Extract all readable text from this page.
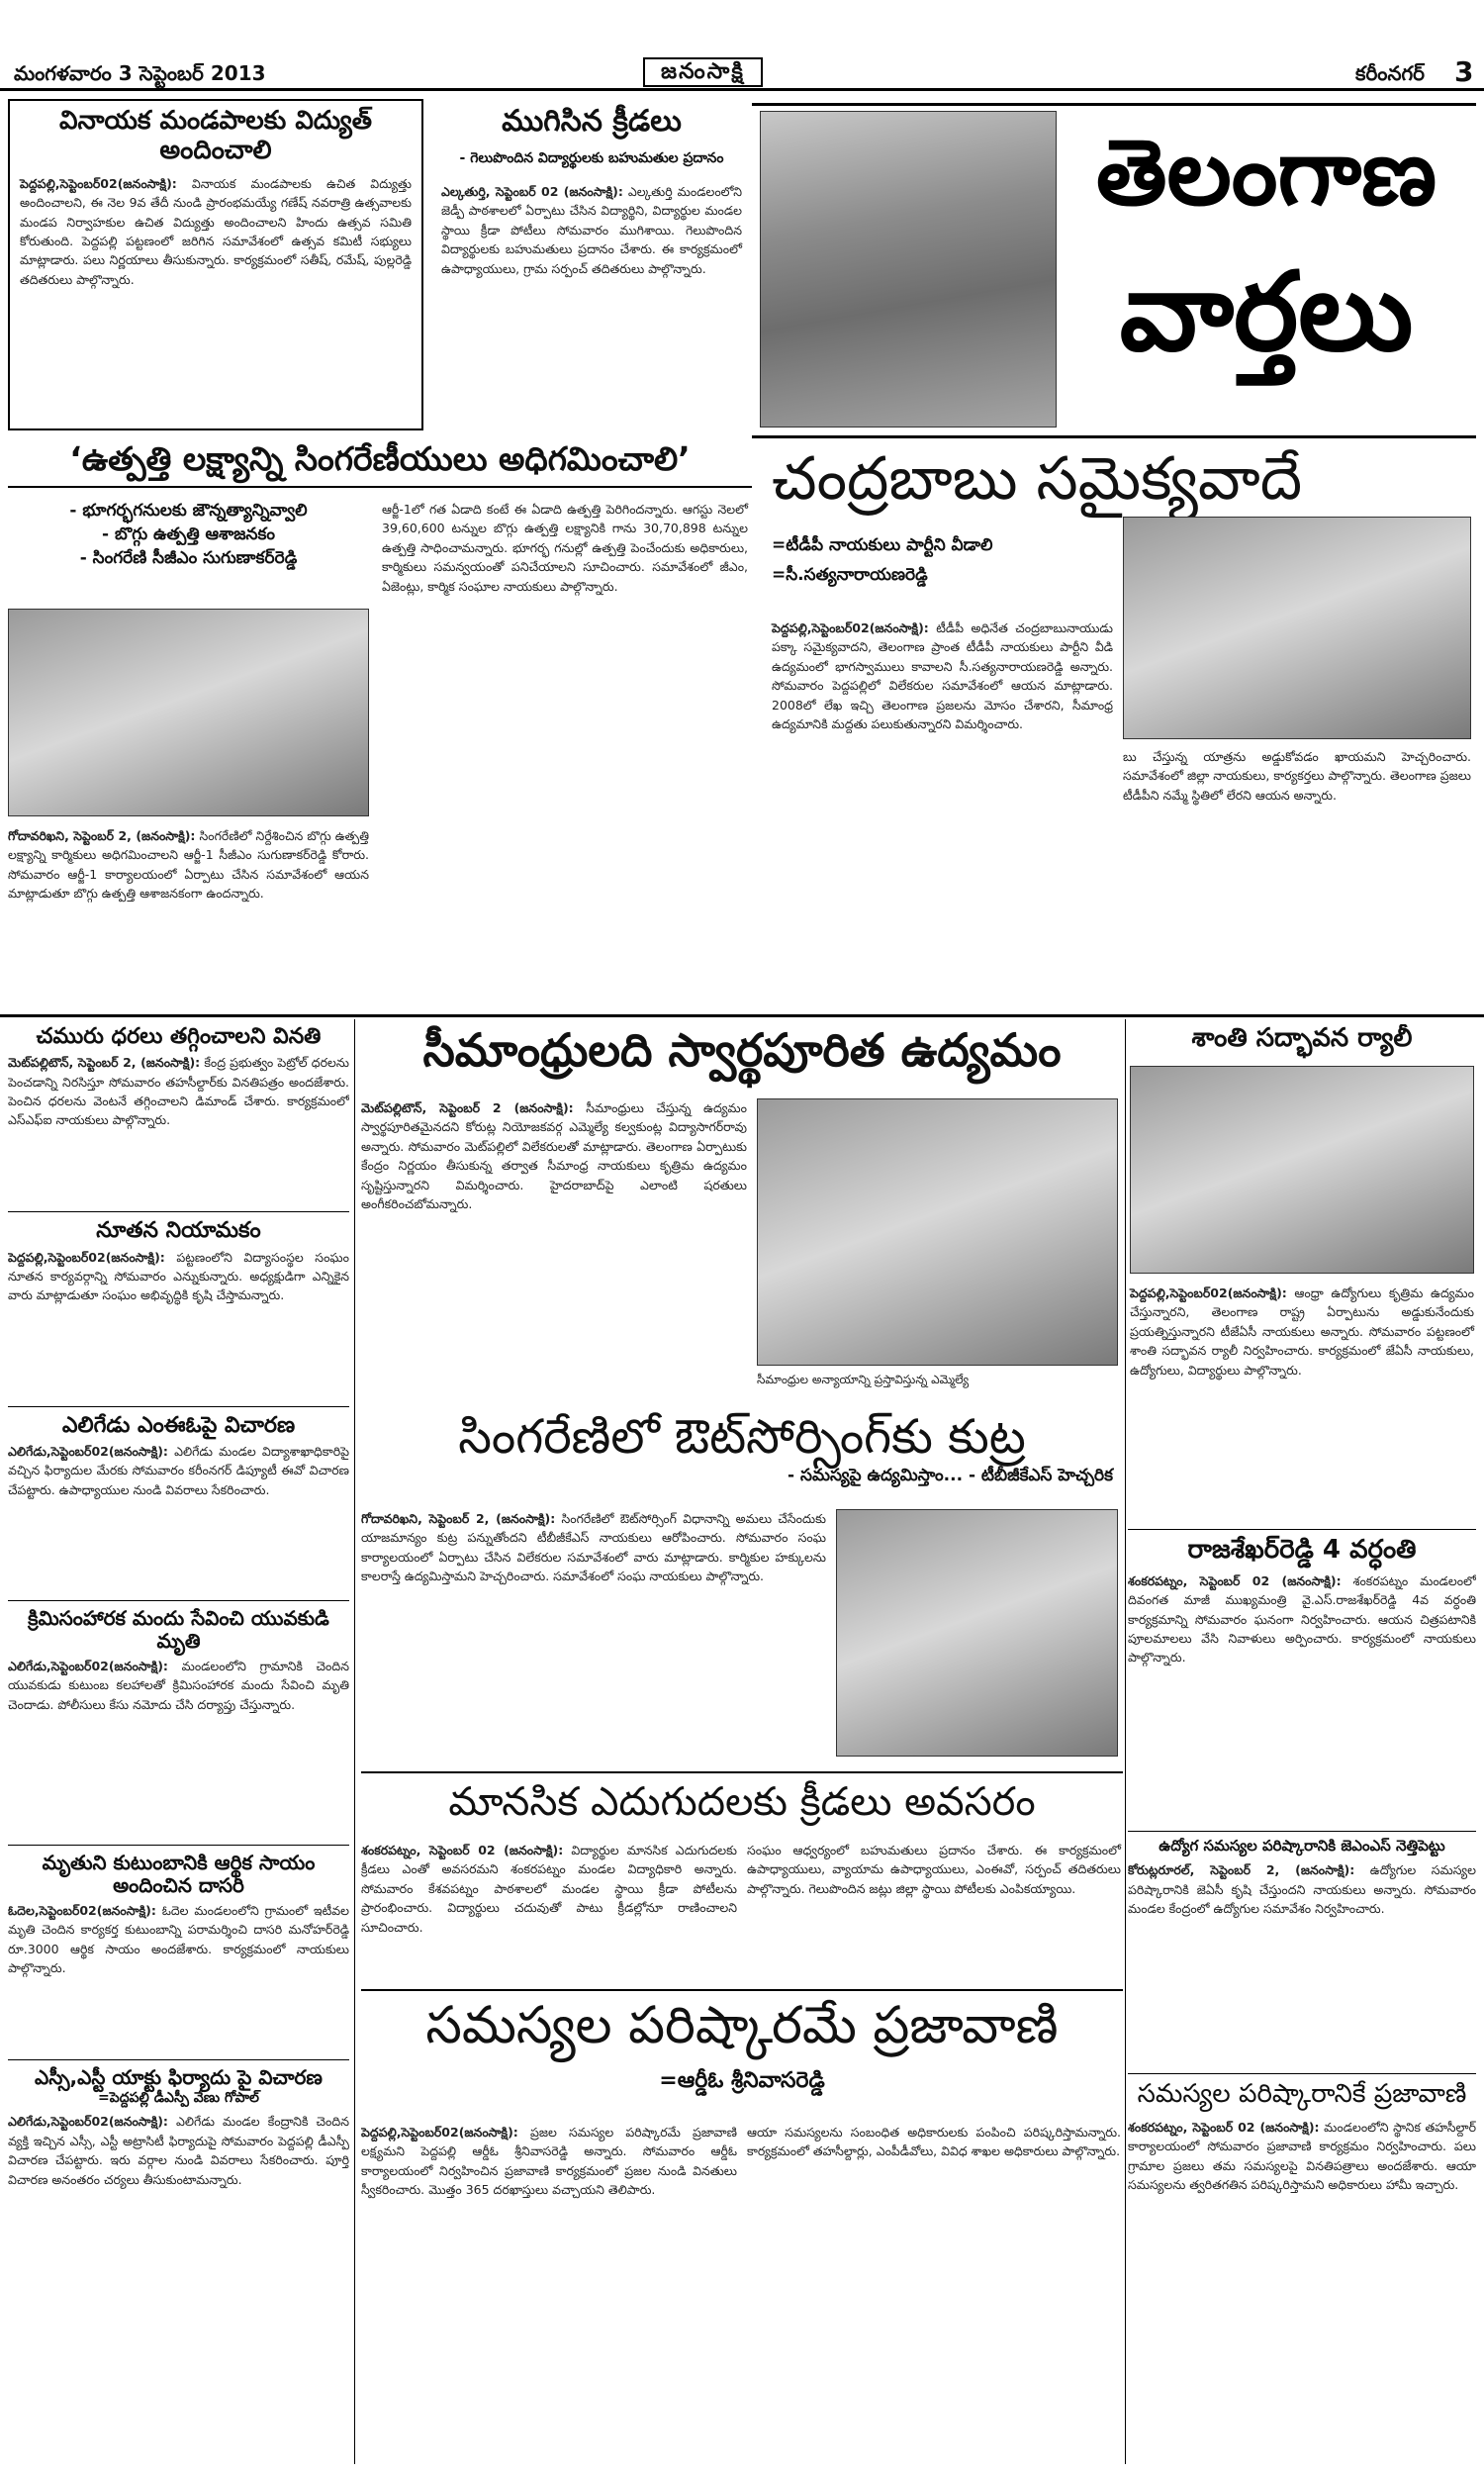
మంగళవారం 3 సెప్టెంబర్ 2013	జనంసాక్షి	కరీంనగర్ 3
వినాయక మండపాలకు విద్యుత్ అందించాలి
పెద్దపల్లి,సెప్టెంబర్02(జనంసాక్షి): వినాయక మండపాలకు ఉచిత విద్యుత్తు అందించాలని, ఈ నెల 9వ తేదీ నుండి ప్రారంభమయ్యే గణేష్ నవరాత్రి ఉత్సవాలకు మండప నిర్వాహకుల ఉచిత విద్యుత్తు అందించాలని హిందు ఉత్సవ సమితి కోరుతుంది. పెద్దపల్లి పట్టణంలో జరిగిన సమావేశంలో ఉత్సవ కమిటీ సభ్యులు మాట్లాడారు. పలు నిర్ణయాలు తీసుకున్నారు. కార్యక్రమంలో సతీష్, రమేష్, పుల్లరెడ్డి తదితరులు పాల్గొన్నారు.
ముగిసిన క్రీడలు
- గెలుపొందిన విద్యార్థులకు బహుమతుల ప్రదానం
ఎల్కతుర్తి, సెప్టెంబర్ 02 (జనంసాక్షి): ఎల్కతుర్తి మండలంలోని జెడ్పీ పాఠశాలలో ఏర్పాటు చేసిన విద్యార్థిని, విద్యార్థుల మండల స్థాయి క్రీడా పోటీలు సోమవారం ముగిశాయి. గెలుపొందిన విద్యార్థులకు బహుమతులు ప్రదానం చేశారు. ఈ కార్యక్రమంలో ఉపాధ్యాయులు, గ్రామ సర్పంచ్ తదితరులు పాల్గొన్నారు.
తెలంగాణ
వార్తలు
‘ఉత్పత్తి లక్ష్యాన్ని సింగరేణీయులు అధిగమించాలి’
- భూగర్భగనులకు జౌన్నత్యాన్నివ్వాలి
- బొగ్గు ఉత్పత్తి ఆశాజనకం
- సింగరేణి సీజీఎం సుగుణాకర్‌రెడ్డి
గోదావరిఖని, సెప్టెంబర్ 2, (జనంసాక్షి): సింగరేణిలో నిర్దేశించిన బొగ్గు ఉత్పత్తి లక్ష్యాన్ని కార్మికులు అధిగమించాలని ఆర్జీ-1 సీజీఎం సుగుణాకర్‌రెడ్డి కోరారు. సోమవారం ఆర్జీ-1 కార్యాలయంలో ఏర్పాటు చేసిన సమావేశంలో ఆయన మాట్లాడుతూ బొగ్గు ఉత్పత్తి ఆశాజనకంగా ఉందన్నారు.
ఆర్జీ-1లో గత ఏడాది కంటే ఈ ఏడాది ఉత్పత్తి పెరిగిందన్నారు. ఆగస్టు నెలలో 39,60,600 టన్నుల బొగ్గు ఉత్పత్తి లక్ష్యానికి గాను 30,70,898 టన్నుల ఉత్పత్తి సాధించామన్నారు. భూగర్భ గనుల్లో ఉత్పత్తి పెంచేందుకు అధికారులు, కార్మికులు సమన్వయంతో పనిచేయాలని సూచించారు. సమావేశంలో జీఎం, ఏజెంట్లు, కార్మిక సంఘాల నాయకులు పాల్గొన్నారు.
చంద్రబాబు సమైక్యవాదే
=టీడీపీ నాయకులు పార్టీని వీడాలి
=సీ.సత్యనారాయణరెడ్డి
పెద్దపల్లి,సెప్టెంబర్02(జనంసాక్షి): టీడీపీ అధినేత చంద్రబాబునాయుడు పక్కా సమైక్యవాదని, తెలంగాణ ప్రాంత టీడీపీ నాయకులు పార్టీని వీడి ఉద్యమంలో భాగస్వాములు కావాలని సీ.సత్యనారాయణరెడ్డి అన్నారు. సోమవారం పెద్దపల్లిలో విలేకరుల సమావేశంలో ఆయన మాట్లాడారు. 2008లో లేఖ ఇచ్చి తెలంగాణ ప్రజలను మోసం చేశారని, సీమాంధ్ర ఉద్యమానికి మద్దతు పలుకుతున్నారని విమర్శించారు.
బు చేస్తున్న యాత్రను అడ్డుకోవడం ఖాయమని హెచ్చరించారు. సమావేశంలో జిల్లా నాయకులు, కార్యకర్తలు పాల్గొన్నారు. తెలంగాణ ప్రజలు టీడీపీని నమ్మే స్థితిలో లేరని ఆయన అన్నారు.
చమురు ధరలు తగ్గించాలని వినతి
మెట్‌పల్లిటౌన్, సెప్టెంబర్ 2, (జనంసాక్షి): కేంద్ర ప్రభుత్వం పెట్రోల్ ధరలను పెంచడాన్ని నిరసిస్తూ సోమవారం తహసీల్దార్‌కు వినతిపత్రం అందజేశారు. పెంచిన ధరలను వెంటనే తగ్గించాలని డిమాండ్ చేశారు. కార్యక్రమంలో ఎస్‌ఎఫ్‌ఐ నాయకులు పాల్గొన్నారు.
నూతన నియామకం
పెద్దపల్లి,సెప్టెంబర్02(జనంసాక్షి): పట్టణంలోని విద్యాసంస్థల సంఘం నూతన కార్యవర్గాన్ని సోమవారం ఎన్నుకున్నారు. అధ్యక్షుడిగా ఎన్నికైన వారు మాట్లాడుతూ సంఘం అభివృద్ధికి కృషి చేస్తామన్నారు.
ఎలిగేడు ఎంఈఓపై విచారణ
ఎలిగేడు,సెప్టెంబర్02(జనంసాక్షి): ఎలిగేడు మండల విద్యాశాఖాధికారిపై వచ్చిన ఫిర్యాదుల మేరకు సోమవారం కరీంనగర్ డిప్యూటీ ఈవో విచారణ చేపట్టారు. ఉపాధ్యాయుల నుండి వివరాలు సేకరించారు.
క్రిమిసంహారక మందు సేవించి యువకుడి మృతి
ఎలిగేడు,సెప్టెంబర్02(జనంసాక్షి): మండలంలోని గ్రామానికి చెందిన యువకుడు కుటుంబ కలహాలతో క్రిమిసంహారక మందు సేవించి మృతి చెందాడు. పోలీసులు కేసు నమోదు చేసి దర్యాప్తు చేస్తున్నారు.
మృతుని కుటుంబానికి ఆర్థిక సాయం అందించిన దాసరి
ఓదెల,సెప్టెంబర్02(జనంసాక్షి): ఓదెల మండలంలోని గ్రామంలో ఇటీవల మృతి చెందిన కార్యకర్త కుటుంబాన్ని పరామర్శించి దాసరి మనోహర్‌రెడ్డి రూ.3000 ఆర్థిక సాయం అందజేశారు. కార్యక్రమంలో నాయకులు పాల్గొన్నారు.
ఎస్సీ,ఎస్టీ యాక్టు ఫిర్యాదు పై విచారణ
=పెద్దపల్లి డీఎస్పీ వేణు గోపాల్
ఎలిగేడు,సెప్టెంబర్02(జనంసాక్షి): ఎలిగేడు మండల కేంద్రానికి చెందిన వ్యక్తి ఇచ్చిన ఎస్సీ, ఎస్టీ అట్రాసిటీ ఫిర్యాదుపై సోమవారం పెద్దపల్లి డీఎస్పీ విచారణ చేపట్టారు. ఇరు వర్గాల నుండి వివరాలు సేకరించారు. పూర్తి విచారణ అనంతరం చర్యలు తీసుకుంటామన్నారు.
సీమాంధ్రులది స్వార్థపూరిత ఉద్యమం
మెట్‌పల్లిటౌన్, సెప్టెంబర్ 2 (జనంసాక్షి): సీమాంధ్రులు చేస్తున్న ఉద్యమం స్వార్థపూరితమైనదని కోరుట్ల నియోజకవర్గ ఎమ్మెల్యే కల్వకుంట్ల విద్యాసాగర్‌రావు అన్నారు. సోమవారం మెట్‌పల్లిలో విలేకరులతో మాట్లాడారు. తెలంగాణ ఏర్పాటుకు కేంద్రం నిర్ణయం తీసుకున్న తర్వాత సీమాంధ్ర నాయకులు కృత్రిమ ఉద్యమం సృష్టిస్తున్నారని విమర్శించారు. హైదరాబాద్‌పై ఎలాంటి షరతులు అంగీకరించబోమన్నారు.
సీమాంధ్రుల అన్యాయాన్ని ప్రస్తావిస్తున్న ఎమ్మెల్యే
శాంతి సద్భావన ర్యాలీ
పెద్దపల్లి,సెప్టెంబర్02(జనంసాక్షి): ఆంధ్రా ఉద్యోగులు కృత్రిమ ఉద్యమం చేస్తున్నారని, తెలంగాణ రాష్ట్ర ఏర్పాటును అడ్డుకునేందుకు ప్రయత్నిస్తున్నారని టీజేఏసీ నాయకులు అన్నారు. సోమవారం పట్టణంలో శాంతి సద్భావన ర్యాలీ నిర్వహించారు. కార్యక్రమంలో జేఏసీ నాయకులు, ఉద్యోగులు, విద్యార్థులు పాల్గొన్నారు.
సింగరేణిలో ఔట్‌సోర్సింగ్‌కు కుట్ర
- సమస్యపై ఉద్యమిస్తాం... - టీబీజీకేఎస్ హెచ్చరిక
గోదావరిఖని, సెప్టెంబర్ 2, (జనంసాక్షి): సింగరేణిలో ఔట్‌సోర్సింగ్ విధానాన్ని అమలు చేసేందుకు యాజమాన్యం కుట్ర పన్నుతోందని టీబీజీకేఎస్ నాయకులు ఆరోపించారు. సోమవారం సంఘ కార్యాలయంలో ఏర్పాటు చేసిన విలేకరుల సమావేశంలో వారు మాట్లాడారు. కార్మికుల హక్కులను కాలరాస్తే ఉద్యమిస్తామని హెచ్చరించారు. సమావేశంలో సంఘ నాయకులు పాల్గొన్నారు.
రాజశేఖర్‌రెడ్డి 4 వర్ధంతి
శంకరపట్నం, సెప్టెంబర్ 02 (జనంసాక్షి): శంకరపట్నం మండలంలో దివంగత మాజీ ముఖ్యమంత్రి వై.ఎస్.రాజశేఖర్‌రెడ్డి 4వ వర్ధంతి కార్యక్రమాన్ని సోమవారం ఘనంగా నిర్వహించారు. ఆయన చిత్రపటానికి పూలమాలలు వేసి నివాళులు అర్పించారు. కార్యక్రమంలో నాయకులు పాల్గొన్నారు.
ఉద్యోగ సమస్యల పరిష్కారానికి జెఎంఎస్ నెత్తిపెట్టు
కోరుట్లరూరల్, సెప్టెంబర్ 2, (జనంసాక్షి): ఉద్యోగుల సమస్యల పరిష్కారానికి జెఏసీ కృషి చేస్తుందని నాయకులు అన్నారు. సోమవారం మండల కేంద్రంలో ఉద్యోగుల సమావేశం నిర్వహించారు.
మానసిక ఎదుగుదలకు క్రీడలు అవసరం
శంకరపట్నం, సెప్టెంబర్ 02 (జనంసాక్షి): విద్యార్థుల మానసిక ఎదుగుదలకు క్రీడలు ఎంతో అవసరమని శంకరపట్నం మండల విద్యాధికారి అన్నారు. సోమవారం కేశవపట్నం పాఠశాలలో మండల స్థాయి క్రీడా పోటీలను ప్రారంభించారు. విద్యార్థులు చదువుతో పాటు క్రీడల్లోనూ రాణించాలని సూచించారు.
సంఘం ఆధ్వర్యంలో బహుమతులు ప్రదానం చేశారు. ఈ కార్యక్రమంలో ఉపాధ్యాయులు, వ్యాయామ ఉపాధ్యాయులు, ఎంఈవో, సర్పంచ్ తదితరులు పాల్గొన్నారు. గెలుపొందిన జట్లు జిల్లా స్థాయి పోటీలకు ఎంపికయ్యాయి.
సమస్యల పరిష్కారమే ప్రజావాణి
=ఆర్డీఓ శ్రీనివాసరెడ్డి
పెద్దపల్లి,సెప్టెంబర్02(జనంసాక్షి): ప్రజల సమస్యల పరిష్కారమే ప్రజావాణి లక్ష్యమని పెద్దపల్లి ఆర్డీఓ శ్రీనివాసరెడ్డి అన్నారు. సోమవారం ఆర్డీఓ కార్యాలయంలో నిర్వహించిన ప్రజావాణి కార్యక్రమంలో ప్రజల నుండి వినతులు స్వీకరించారు. మొత్తం 365 దరఖాస్తులు వచ్చాయని తెలిపారు.
ఆయా సమస్యలను సంబంధిత అధికారులకు పంపించి పరిష్కరిస్తామన్నారు. కార్యక్రమంలో తహసీల్దార్లు, ఎంపీడీవోలు, వివిధ శాఖల అధికారులు పాల్గొన్నారు.
సమస్యల పరిష్కారానికే ప్రజావాణి
శంకరపట్నం, సెప్టెంబర్ 02 (జనంసాక్షి): మండలంలోని స్థానిక తహసీల్దార్ కార్యాలయంలో సోమవారం ప్రజావాణి కార్యక్రమం నిర్వహించారు. పలు గ్రామాల ప్రజలు తమ సమస్యలపై వినతిపత్రాలు అందజేశారు. ఆయా సమస్యలను త్వరితగతిన పరిష్కరిస్తామని అధికారులు హామీ ఇచ్చారు.
